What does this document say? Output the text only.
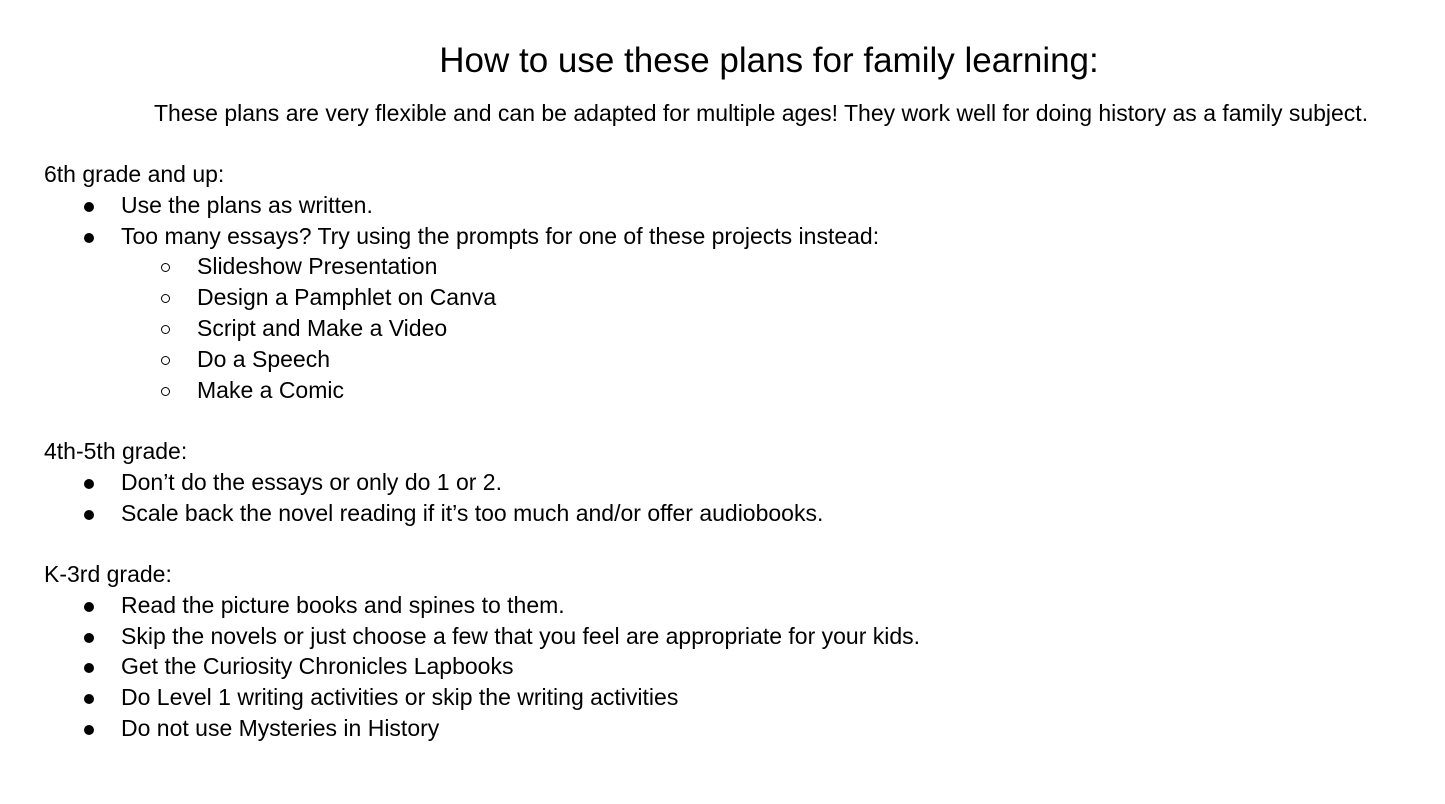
How to use these plans for family learning:

These plans are very flexible and can be adapted for multiple ages! They work well for doing history as a family subject.

6th grade and up:

Use the plans as written.
Too many essays? Try using the prompts for one of these projects instead:
Slideshow Presentation
Design a Pamphlet on Canva
Script and Make a Video
Do a Speech
Make a Comic

4th-5th grade:

Don’t do the essays or only do 1 or 2.
Scale back the novel reading if it’s too much and/or offer audiobooks.

K-3rd grade:

Read the picture books and spines to them.
Skip the novels or just choose a few that you feel are appropriate for your kids.
Get the Curiosity Chronicles Lapbooks
Do Level 1 writing activities or skip the writing activities
Do not use Mysteries in History
